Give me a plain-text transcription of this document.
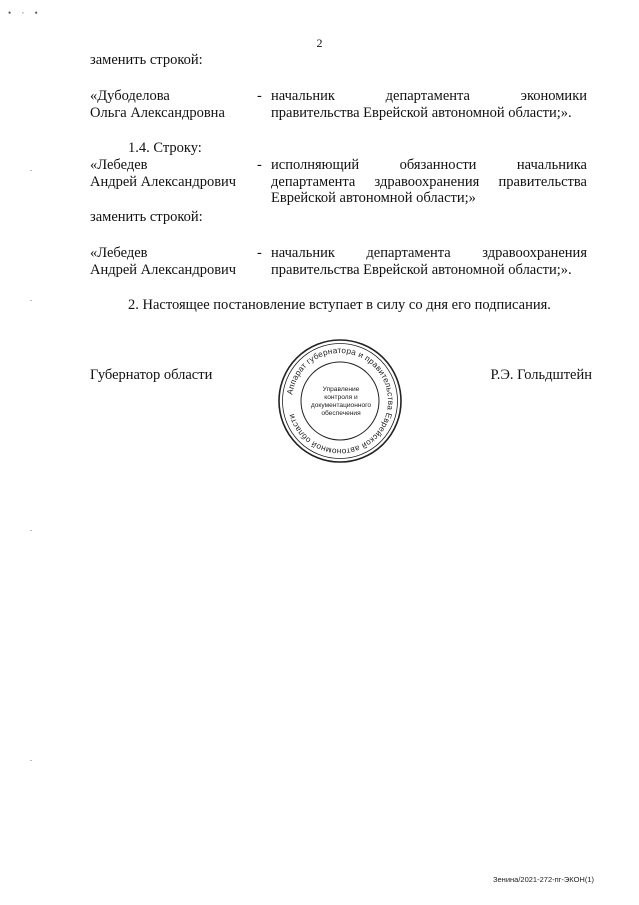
• · •
2
заменить строкой:
«Дубоделова
Ольга Александровна
- начальник департамента экономики
правительства Еврейской автономной области;».
1.4. Строку:
«Лебедев
Андрей Александрович
- исполняющий обязанности начальника
департамента здравоохранения правительства
Еврейской автономной области;»
заменить строкой:
«Лебедев
Андрей Александрович
- начальник департамента здравоохранения
правительства Еврейской автономной области;».
2. Настоящее постановление вступает в силу со дня его подписания.
Губернатор области	Р.Э. Гольдштейн
Аппарат губернатора и правительства Еврейской автономной области
Управление контроля и
документационного
обеспечения
Зенина/2021-272-пг-ЭКОН(1)
